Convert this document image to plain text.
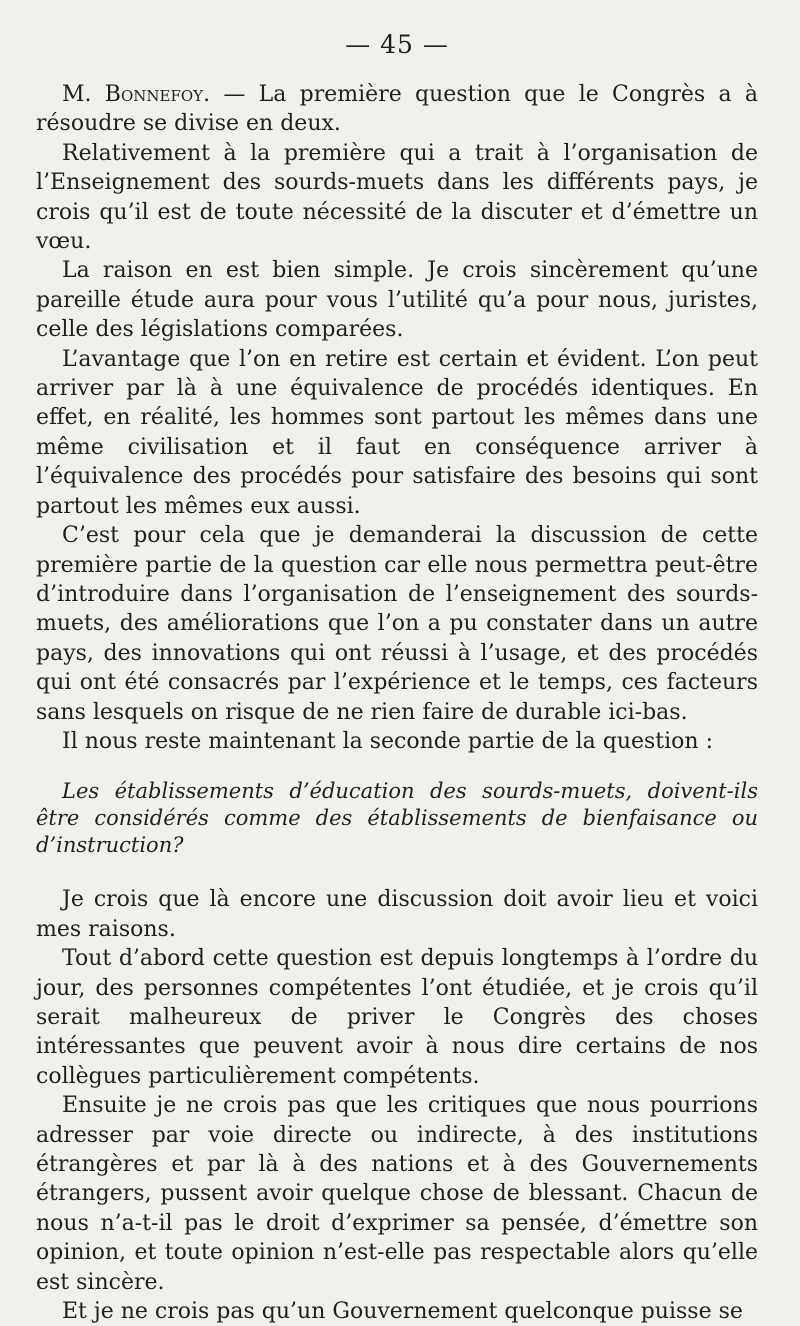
— 45 —

M. Bonnefoy. — La première question que le Congrès a à résoudre se divise en deux.

Relativement à la première qui a trait à l’organisation de l’Enseignement des sourds-muets dans les différents pays, je crois qu’il est de toute nécessité de la discuter et d’émettre un vœu.

La raison en est bien simple. Je crois sincèrement qu’une pareille étude aura pour vous l’utilité qu’a pour nous, juristes, celle des législations comparées.

L’avantage que l’on en retire est certain et évident. L’on peut arriver par là à une équivalence de procédés identiques. En effet, en réalité, les hommes sont partout les mêmes dans une même civilisation et il faut en conséquence arriver à l’équivalence des procédés pour satisfaire des besoins qui sont partout les mêmes eux aussi.

C’est pour cela que je demanderai la discussion de cette première partie de la question car elle nous permettra peut-être d’introduire dans l’organisation de l’enseignement des sourds-muets, des améliorations que l’on a pu constater dans un autre pays, des innovations qui ont réussi à l’usage, et des procédés qui ont été consacrés par l’expérience et le temps, ces facteurs sans lesquels on risque de ne rien faire de durable ici-bas.

Il nous reste maintenant la seconde partie de la question :

Les établissements d’éducation des sourds-muets, doivent-ils être considérés comme des établissements de bienfaisance ou d’instruction?

Je crois que là encore une discussion doit avoir lieu et voici mes raisons.

Tout d’abord cette question est depuis longtemps à l’ordre du jour, des personnes compétentes l’ont étudiée, et je crois qu’il serait malheureux de priver le Congrès des choses intéressantes que peuvent avoir à nous dire certains de nos collègues particulièrement compétents.

Ensuite je ne crois pas que les critiques que nous pourrions adresser par voie directe ou indirecte, à des institutions étrangères et par là à des nations et à des Gouvernements étrangers, pussent avoir quelque chose de blessant. Chacun de nous n’a-t-il pas le droit d’exprimer sa pensée, d’émettre son opinion, et toute opinion n’est-elle pas respectable alors qu’elle est sincère.

Et je ne crois pas qu’un Gouvernement quelconque puisse se
